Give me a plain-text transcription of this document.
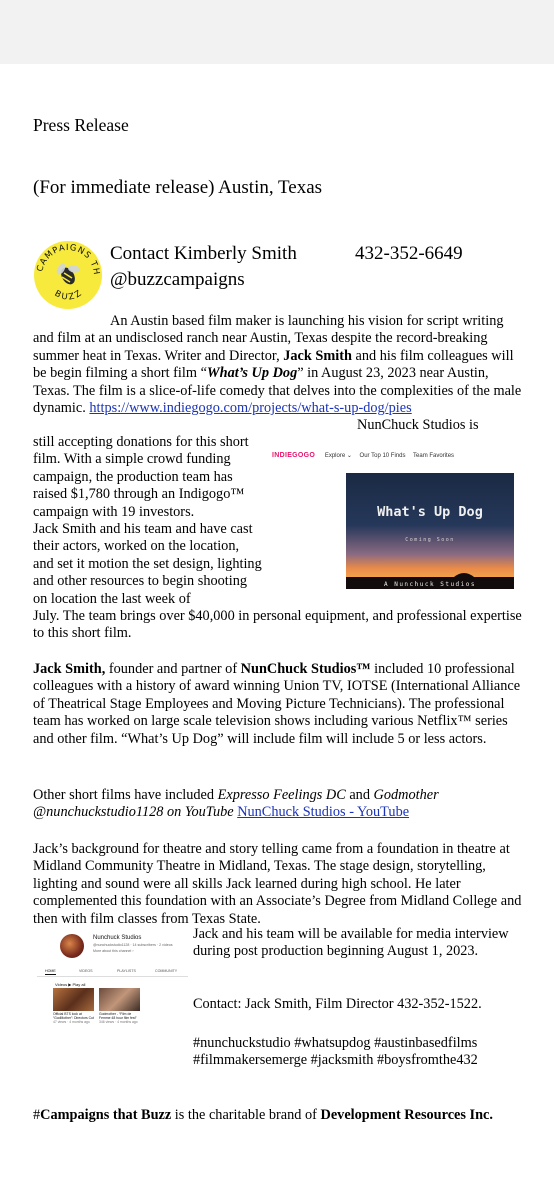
Press Release
(For immediate release) Austin, Texas
CAMPAIGNS TH
BUZZ
Contact Kimberly Smith	432-352-6649
@buzzcampaigns

An Austin based film maker is launching his vision for script writing and film at an undisclosed ranch near Austin, Texas despite the record-breaking summer heat in Texas. Writer and Director, Jack Smith and his film colleagues will be begin filming a short film “What’s Up Dog” in August 23, 2023 near Austin, Texas. The film is a slice-of-life comedy that delves into the complexities of the male dynamic. https://www.indiegogo.com/projects/what-s-up-dog/pies

NunChuck Studios is

still accepting donations for this short film. With a simple crowd funding campaign, the production team has raised $1,780 through an Indigogo™ campaign with 19 investors.

INDIEGOGO Explore ⌄ Our Top 10 Finds Team Favorites
What's Up Dog
Coming Soon
A Nunchuck Studios

Jack Smith and his team and have cast their actors, worked on the location, and set it motion the set design, lighting and other resources to begin shooting on location the last week of

July. The team brings over $40,000 in personal equipment, and professional expertise to this short film.

Jack Smith, founder and partner of NunChuck Studios™ included 10 professional colleagues with a history of award winning Union TV, IOTSE (International Alliance of Theatrical Stage Employees and Moving Picture Technicians). The professional team has worked on large scale television shows including various Netflix™ series and other film. “What’s Up Dog” will include film will include 5 or less actors.

Other short films have included Expresso Feelings DC and Godmother
@nunchuckstudio1128 on YouTube NunChuck Studios - YouTube

Jack’s background for theatre and story telling came from a foundation in theatre at Midland Community Theatre in Midland, Texas. The stage design, storytelling, lighting and sound were all skills Jack learned during high school. He later complemented this foundation with an Associate’s Degree from Midland College and then with film classes from Texas State.

Nunchuck Studios
@nunchuckstudio1128 · 14 subscribers · 2 videos
More about this channel ›
HOME	VIDEOS	PLAYLISTS	COMMUNITY
Videos ▶ Play all
Official BTS look at “GodMother”: Directors Cut
47 views · 4 months ago
Godmother - “Film de Femme 48 hour film fest”
346 views · 4 months ago
Jack and his team will be available for media interview during post production beginning August 1, 2023.
Contact: Jack Smith, Film Director 432-352-1522.
#nunchuckstudio #whatsupdog #austinbasedfilms #filmmakersemerge #jacksmith #boysfromthe432

#Campaigns that Buzz is the charitable brand of Development Resources Inc.
